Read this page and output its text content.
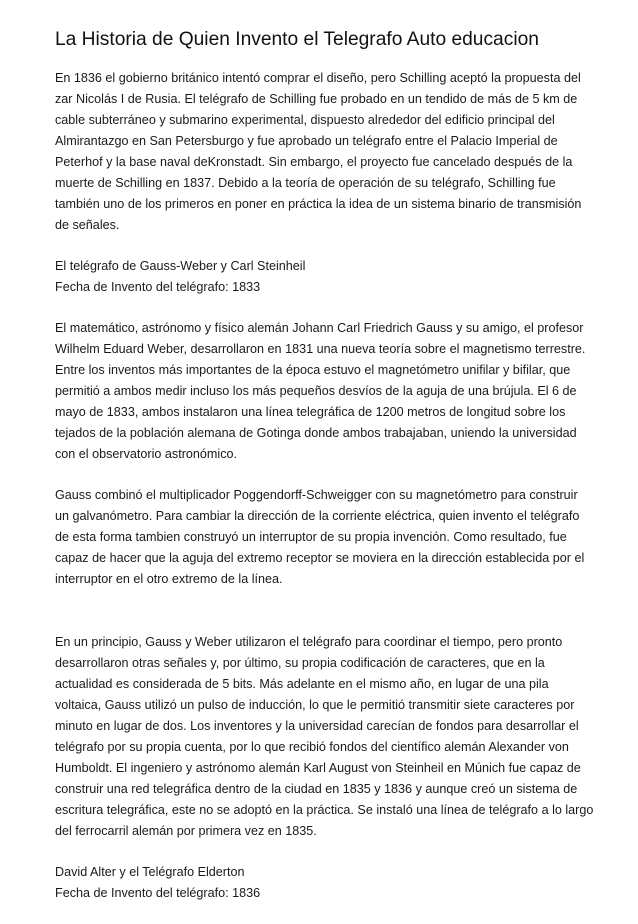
La Historia de Quien Invento el Telegrafo Auto educacion

En 1836 el gobierno británico intentó comprar el diseño, pero Schilling aceptó la propuesta del zar Nicolás I de Rusia. El telégrafo de Schilling fue probado en un tendido de más de 5 km de cable subterráneo y submarino experimental, dispuesto alrededor del edificio principal del Almirantazgo en San Petersburgo y fue aprobado un telégrafo entre el Palacio Imperial de Peterhof y la base naval deKronstadt. Sin embargo, el proyecto fue cancelado después de la muerte de Schilling en 1837. Debido a la teoría de operación de su telégrafo, Schilling fue también uno de los primeros en poner en práctica la idea de un sistema binario de transmisión de señales.

El telégrafo de Gauss-Weber y Carl Steinheil
Fecha de Invento del telégrafo: 1833

El matemático, astrónomo y físico alemán Johann Carl Friedrich Gauss y su amigo, el profesor Wilhelm Eduard Weber, desarrollaron en 1831 una nueva teoría sobre el magnetismo terrestre. Entre los inventos más importantes de la época estuvo el magnetómetro unifilar y bifilar, que permitió a ambos medir incluso los más pequeños desvíos de la aguja de una brújula. El 6 de mayo de 1833, ambos instalaron una línea telegráfica de 1200 metros de longitud sobre los tejados de la población alemana de Gotinga donde ambos trabajaban, uniendo la universidad con el observatorio astronómico.

Gauss combinó el multiplicador Poggendorff-Schweigger con su magnetómetro para construir un galvanómetro. Para cambiar la dirección de la corriente eléctrica, quien invento el telégrafo de esta forma tambien construyó un interruptor de su propia invención. Como resultado, fue capaz de hacer que la aguja del extremo receptor se moviera en la dirección establecida por el interruptor en el otro extremo de la línea.

En un principio, Gauss y Weber utilizaron el telégrafo para coordinar el tiempo, pero pronto desarrollaron otras señales y, por último, su propia codificación de caracteres, que en la actualidad es considerada de 5 bits. Más adelante en el mismo año, en lugar de una pila voltaica, Gauss utilizó un pulso de inducción, lo que le permitió transmitir siete caracteres por minuto en lugar de dos. Los inventores y la universidad carecían de fondos para desarrollar el telégrafo por su propia cuenta, por lo que recibió fondos del científico alemán Alexander von Humboldt. El ingeniero y astrónomo alemán Karl August von Steinheil en Múnich fue capaz de construir una red telegráfica dentro de la ciudad en 1835 y 1836 y aunque creó un sistema de escritura telegráfica, este no se adoptó en la práctica. Se instaló una línea de telégrafo a lo largo del ferrocarril alemán por primera vez en 1835.

David Alter y el Telégrafo Elderton
Fecha de Invento del telégrafo: 1836
